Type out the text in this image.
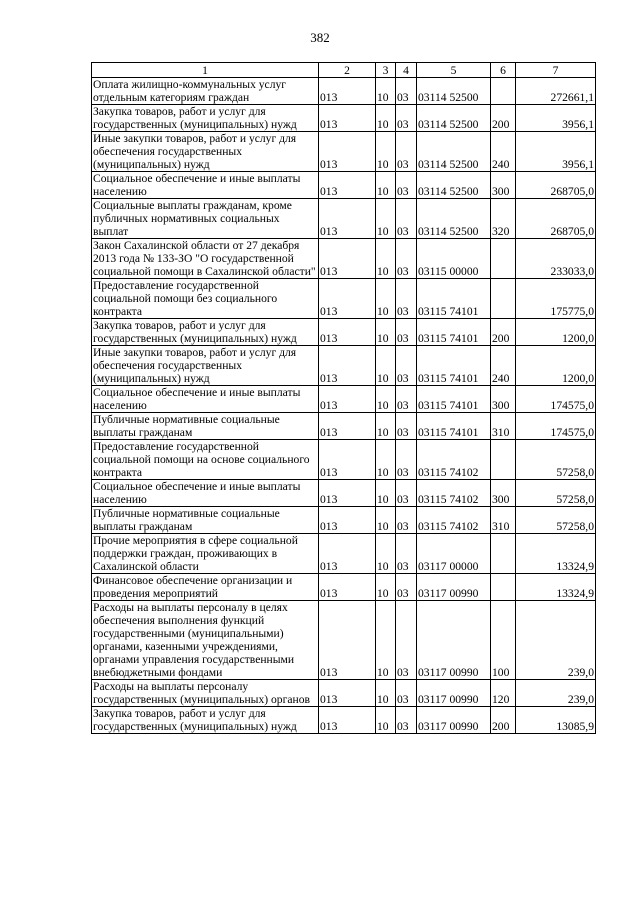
382
1	2	3	4	5	6	7
Оплата жилищно-коммунальных услуг отдельным категориям граждан	013	10	03	03114 52500		272661,1
Закупка товаров, работ и услуг для государственных (муниципальных) нужд	013	10	03	03114 52500	200	3956,1
Иные закупки товаров, работ и услуг для обеспечения государственных (муниципальных) нужд	013	10	03	03114 52500	240	3956,1
Социальное обеспечение и иные выплаты населению	013	10	03	03114 52500	300	268705,0
Социальные выплаты гражданам, кроме публичных нормативных социальных выплат	013	10	03	03114 52500	320	268705,0
Закон Сахалинской области от 27 декабря 2013 года № 133-ЗО "О государственной социальной помощи в Сахалинской области"	013	10	03	03115 00000		233033,0
Предоставление государственной социальной помощи без социального контракта	013	10	03	03115 74101		175775,0
Закупка товаров, работ и услуг для государственных (муниципальных) нужд	013	10	03	03115 74101	200	1200,0
Иные закупки товаров, работ и услуг для обеспечения государственных (муниципальных) нужд	013	10	03	03115 74101	240	1200,0
Социальное обеспечение и иные выплаты населению	013	10	03	03115 74101	300	174575,0
Публичные нормативные социальные выплаты гражданам	013	10	03	03115 74101	310	174575,0
Предоставление государственной социальной помощи на основе социального контракта	013	10	03	03115 74102		57258,0
Социальное обеспечение и иные выплаты населению	013	10	03	03115 74102	300	57258,0
Публичные нормативные социальные выплаты гражданам	013	10	03	03115 74102	310	57258,0
Прочие мероприятия в сфере социальной поддержки граждан, проживающих в Сахалинской области	013	10	03	03117 00000		13324,9
Финансовое обеспечение организации и проведения мероприятий	013	10	03	03117 00990		13324,9
Расходы на выплаты персоналу в целях обеспечения выполнения функций государственными (муниципальными) органами, казенными учреждениями, органами управления государственными внебюджетными фондами	013	10	03	03117 00990	100	239,0
Расходы на выплаты персоналу государственных (муниципальных) органов	013	10	03	03117 00990	120	239,0
Закупка товаров, работ и услуг для государственных (муниципальных) нужд	013	10	03	03117 00990	200	13085,9
